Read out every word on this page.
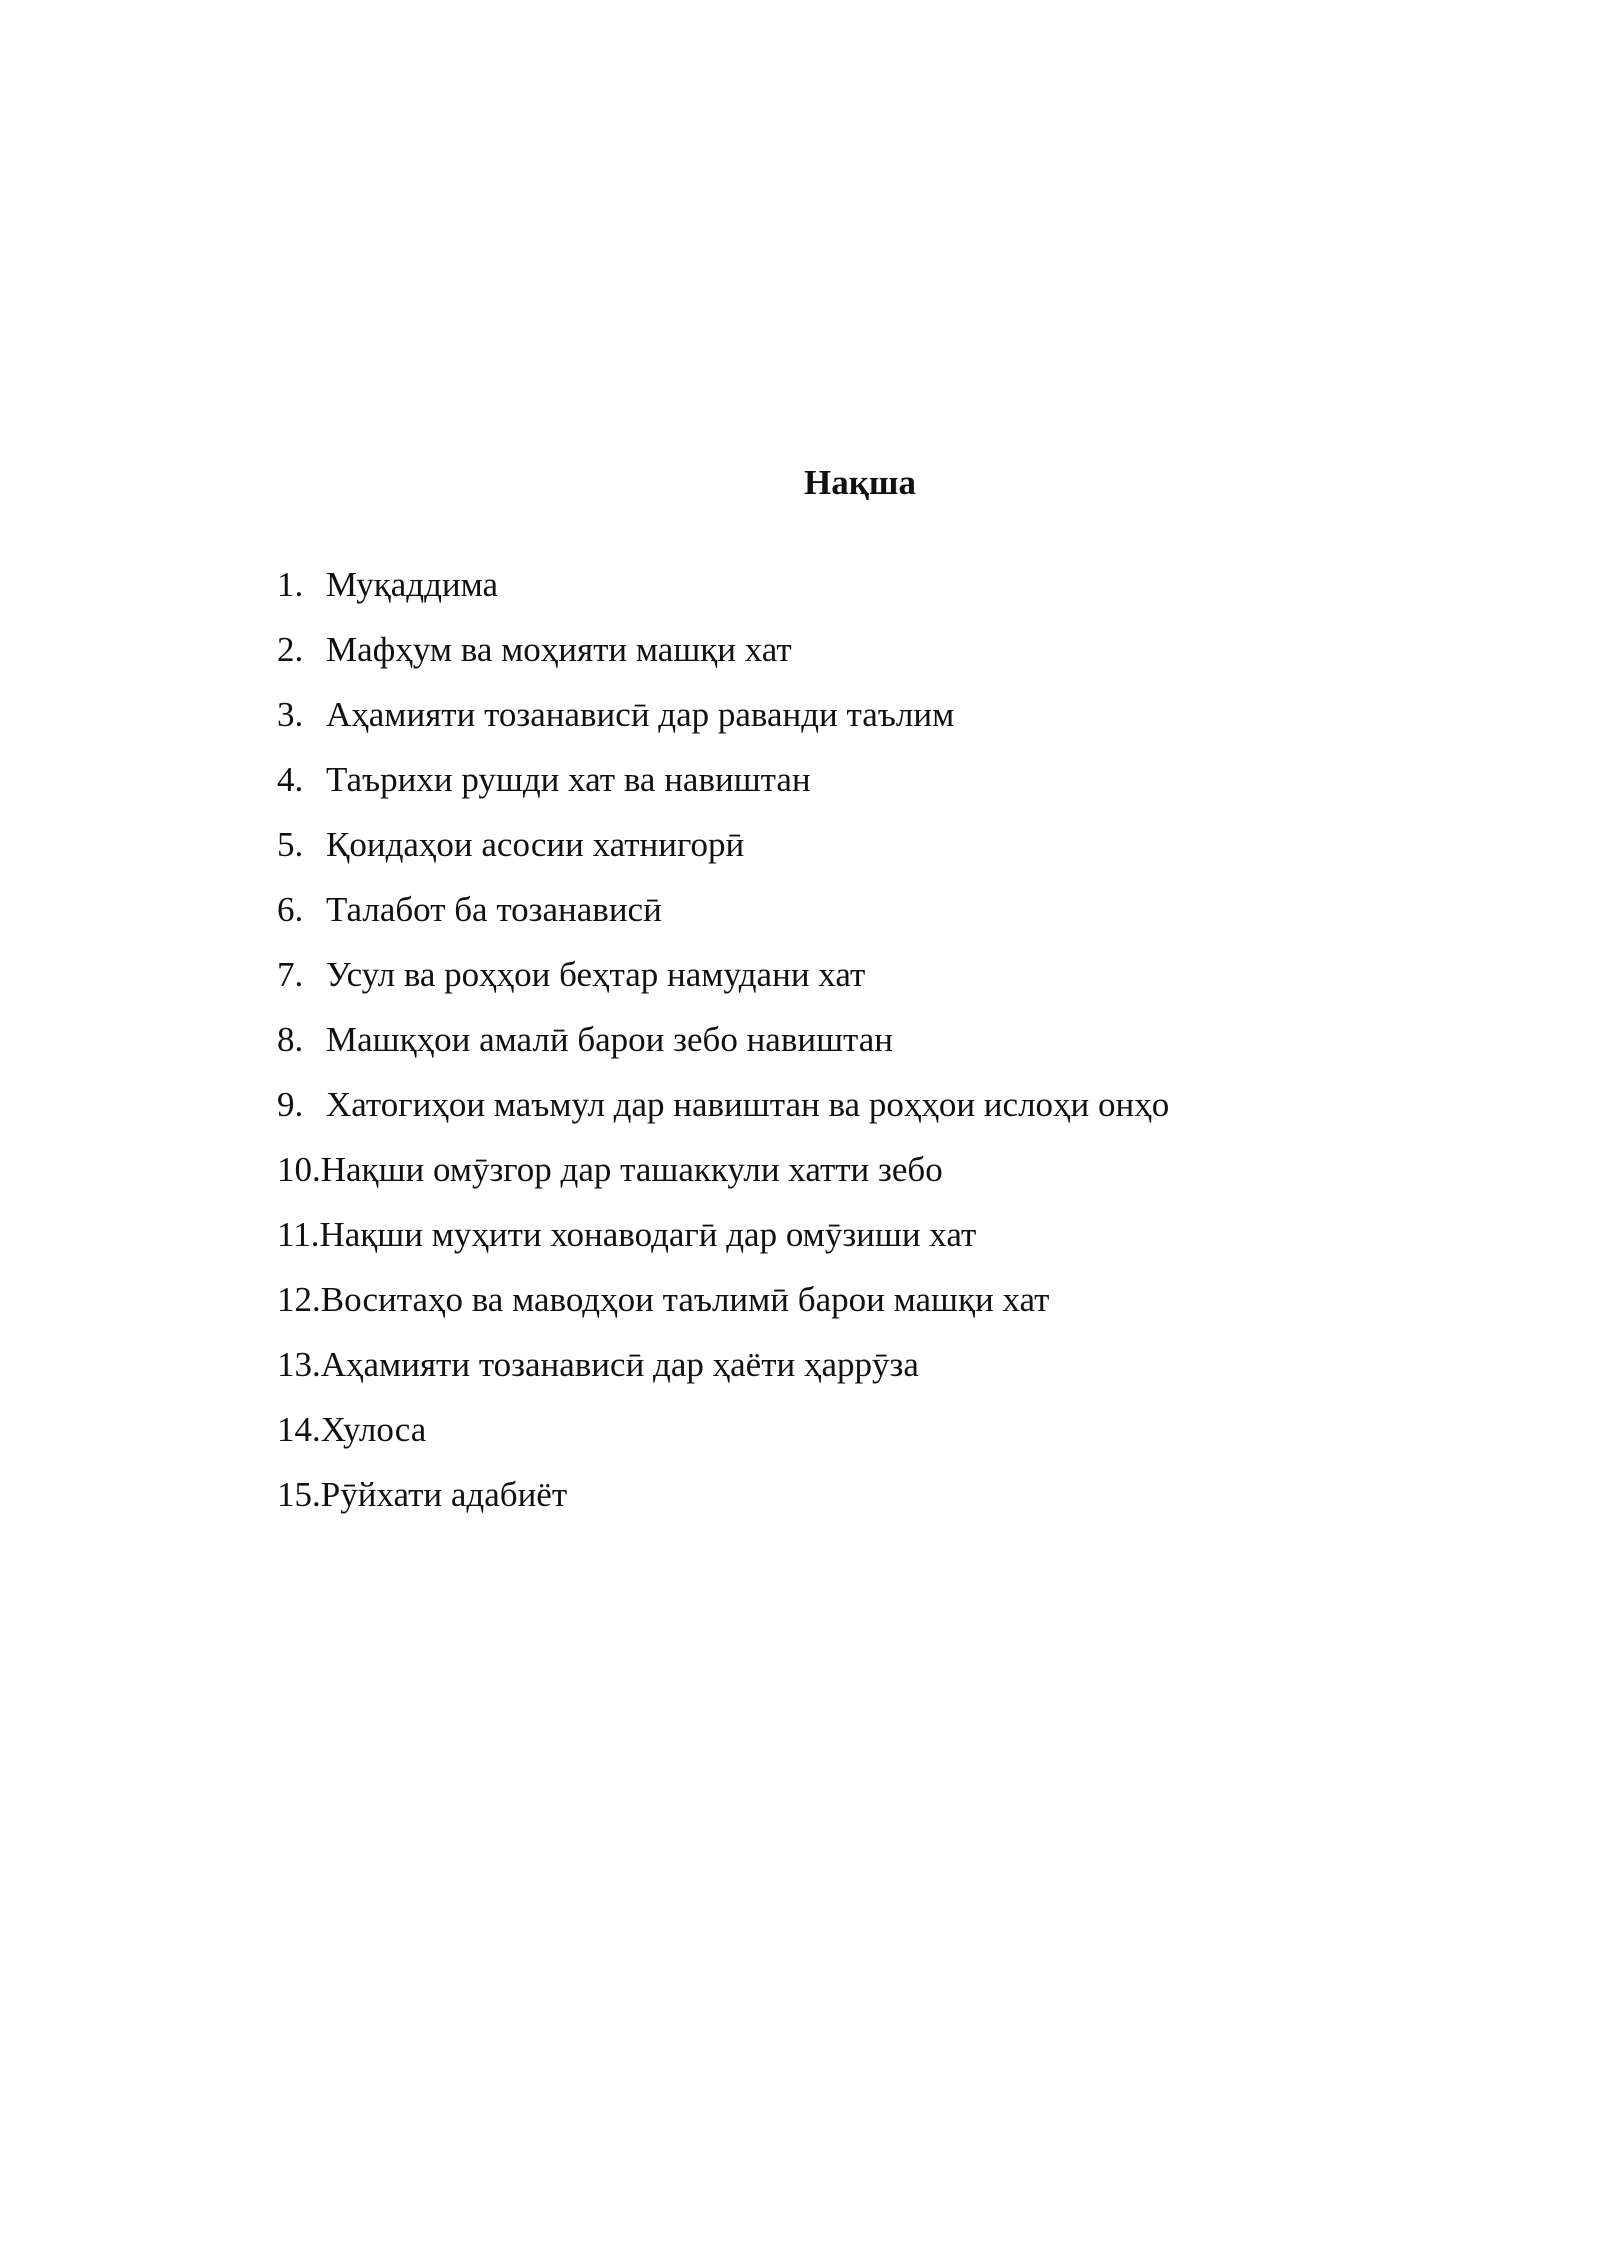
Нақша
1. Муқаддима
2. Мафҳум ва моҳияти машқи хат
3. Аҳамияти тозанависӣ дар раванди таълим
4. Таърихи рушди хат ва навиштан
5. Қоидаҳои асосии хатнигорӣ
6. Талабот ба тозанависӣ
7. Усул ва роҳҳои беҳтар намудани хат
8. Машқҳои амалӣ барои зебо навиштан
9. Хатогиҳои маъмул дар навиштан ва роҳҳои ислоҳи онҳо
10. Нақши омӯзгор дар ташаккули хатти зебо
11. Нақши муҳити хонаводагӣ дар омӯзиши хат
12. Воситаҳо ва маводҳои таълимӣ барои машқи хат
13. Аҳамияти тозанависӣ дар ҳаёти ҳаррӯза
14. Хулоса
15. Рӯйхати адабиёт
